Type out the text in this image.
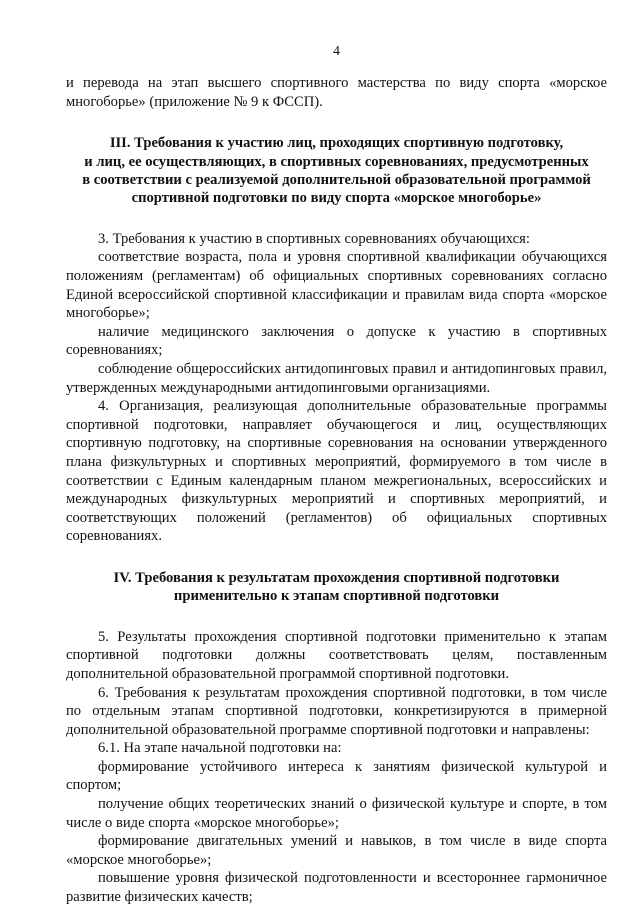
4

и перевода на этап высшего спортивного мастерства по виду спорта «морское многоборье» (приложение № 9 к ФССП).

III. Требования к участию лиц, проходящих спортивную подготовку,
и лиц, ее осуществляющих, в спортивных соревнованиях, предусмотренных
в соответствии с реализуемой дополнительной образовательной программой
спортивной подготовки по виду спорта «морское многоборье»

3. Требования к участию в спортивных соревнованиях обучающихся:

соответствие возраста, пола и уровня спортивной квалификации обучающихся положениям (регламентам) об официальных спортивных соревнованиях согласно Единой всероссийской спортивной классификации и правилам вида спорта «морское многоборье»;

наличие медицинского заключения о допуске к участию в спортивных соревнованиях;

соблюдение общероссийских антидопинговых правил и антидопинговых правил, утвержденных международными антидопинговыми организациями.

4. Организация, реализующая дополнительные образовательные программы спортивной подготовки, направляет обучающегося и лиц, осуществляющих спортивную подготовку, на спортивные соревнования на основании утвержденного плана физкультурных и спортивных мероприятий, формируемого в том числе в соответствии с Единым календарным планом межрегиональных, всероссийских и международных физкультурных мероприятий и спортивных мероприятий, и соответствующих положений (регламентов) об официальных спортивных соревнованиях.

IV. Требования к результатам прохождения спортивной подготовки
применительно к этапам спортивной подготовки

5. Результаты прохождения спортивной подготовки применительно к этапам спортивной подготовки должны соответствовать целям, поставленным дополнительной образовательной программой спортивной подготовки.

6. Требования к результатам прохождения спортивной подготовки, в том числе по отдельным этапам спортивной подготовки, конкретизируются в примерной дополнительной образовательной программе спортивной подготовки и направлены:

6.1. На этапе начальной подготовки на:

формирование устойчивого интереса к занятиям физической культурой и спортом;

получение общих теоретических знаний о физической культуре и спорте, в том числе о виде спорта «морское многоборье»;

формирование двигательных умений и навыков, в том числе в виде спорта «морское многоборье»;

повышение уровня физической подготовленности и всестороннее гармоничное развитие физических качеств;
